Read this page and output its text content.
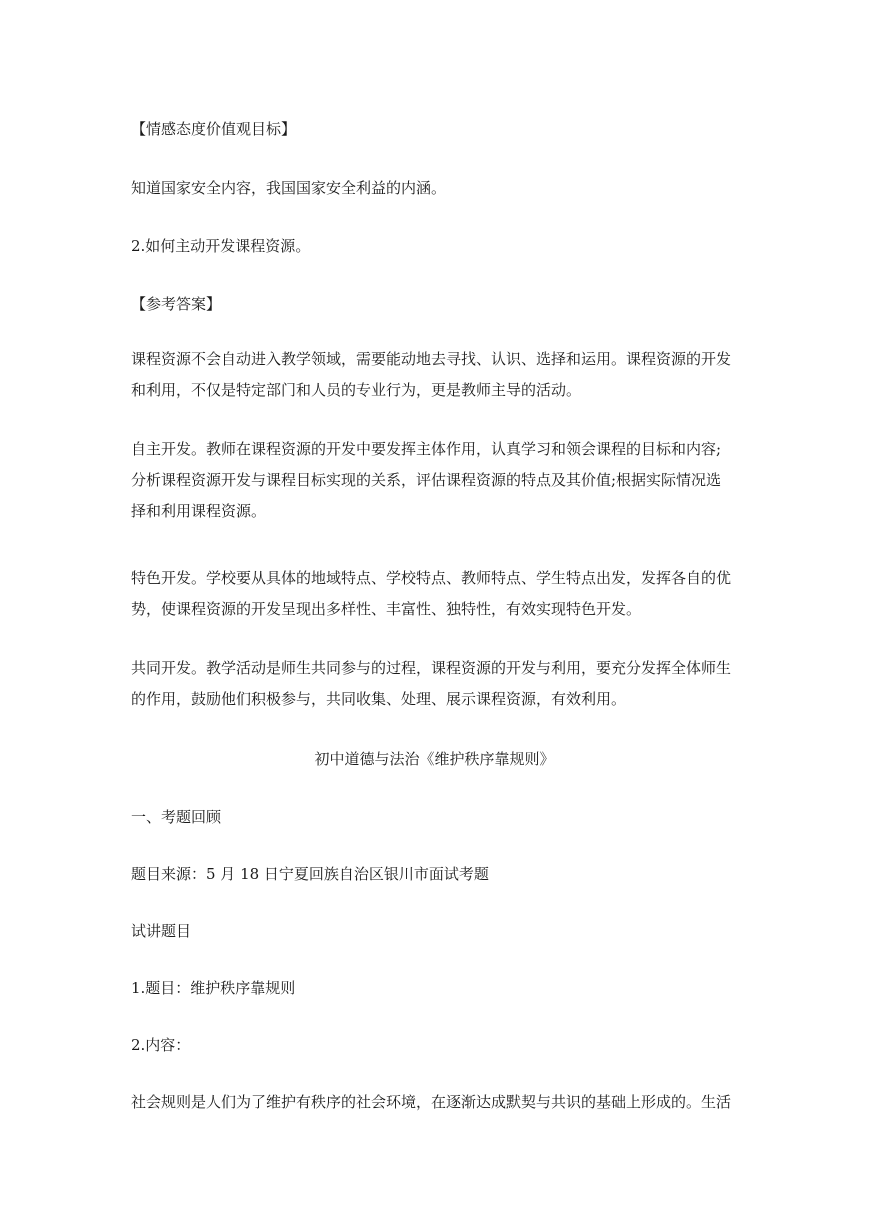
【情感态度价值观目标】

知道国家安全内容，我国国家安全利益的内涵。

2.如何主动开发课程资源。

【参考答案】

课程资源不会自动进入教学领域，需要能动地去寻找、认识、选择和运用。课程资源的开发
和利用，不仅是特定部门和人员的专业行为，更是教师主导的活动。

自主开发。教师在课程资源的开发中要发挥主体作用，认真学习和领会课程的目标和内容;
分析课程资源开发与课程目标实现的关系，评估课程资源的特点及其价值;根据实际情况选
择和利用课程资源。

特色开发。学校要从具体的地域特点、学校特点、教师特点、学生特点出发，发挥各自的优
势，使课程资源的开发呈现出多样性、丰富性、独特性，有效实现特色开发。

共同开发。教学活动是师生共同参与的过程，课程资源的开发与利用，要充分发挥全体师生
的作用，鼓励他们积极参与，共同收集、处理、展示课程资源，有效利用。

初中道德与法治《维护秩序靠规则》

一、考题回顾

题目来源：5 月 18 日宁夏回族自治区银川市面试考题

试讲题目

1.题目：维护秩序靠规则

2.内容：

社会规则是人们为了维护有秩序的社会环境，在逐渐达成默契与共识的基础上形成的。生活
